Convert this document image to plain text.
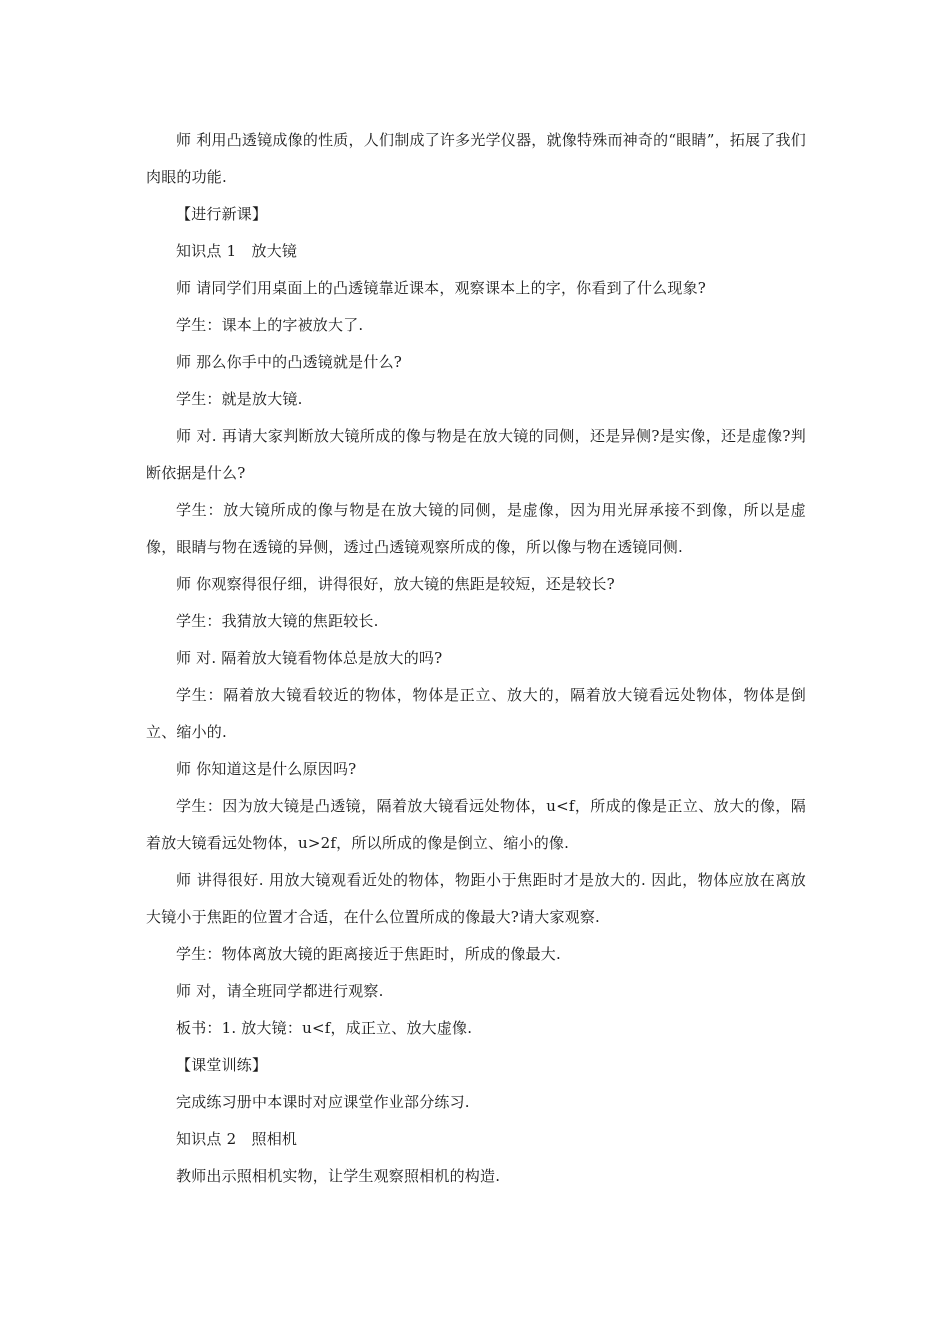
师 利用凸透镜成像的性质，人们制成了许多光学仪器，就像特殊而神奇的“眼睛”，拓展了我们肉眼的功能.

【进行新课】

知识点 1　放大镜

师 请同学们用桌面上的凸透镜靠近课本，观察课本上的字，你看到了什么现象?

学生：课本上的字被放大了.

师 那么你手中的凸透镜就是什么?

学生：就是放大镜.

师 对. 再请大家判断放大镜所成的像与物是在放大镜的同侧，还是异侧?是实像，还是虚像?判断依据是什么?

学生：放大镜所成的像与物是在放大镜的同侧，是虚像，因为用光屏承接不到像，所以是虚像，眼睛与物在透镜的异侧，透过凸透镜观察所成的像，所以像与物在透镜同侧.

师 你观察得很仔细，讲得很好，放大镜的焦距是较短，还是较长?

学生：我猜放大镜的焦距较长.

师 对. 隔着放大镜看物体总是放大的吗?

学生：隔着放大镜看较近的物体，物体是正立、放大的，隔着放大镜看远处物体，物体是倒立、缩小的.

师 你知道这是什么原因吗?

学生：因为放大镜是凸透镜，隔着放大镜看远处物体，u<f，所成的像是正立、放大的像，隔着放大镜看远处物体，u>2f，所以所成的像是倒立、缩小的像.

师 讲得很好. 用放大镜观看近处的物体，物距小于焦距时才是放大的. 因此，物体应放在离放大镜小于焦距的位置才合适，在什么位置所成的像最大?请大家观察.

学生：物体离放大镜的距离接近于焦距时，所成的像最大.

师 对，请全班同学都进行观察.

板书：1. 放大镜：u<f，成正立、放大虚像.

【课堂训练】

完成练习册中本课时对应课堂作业部分练习.

知识点 2　照相机

教师出示照相机实物，让学生观察照相机的构造.
